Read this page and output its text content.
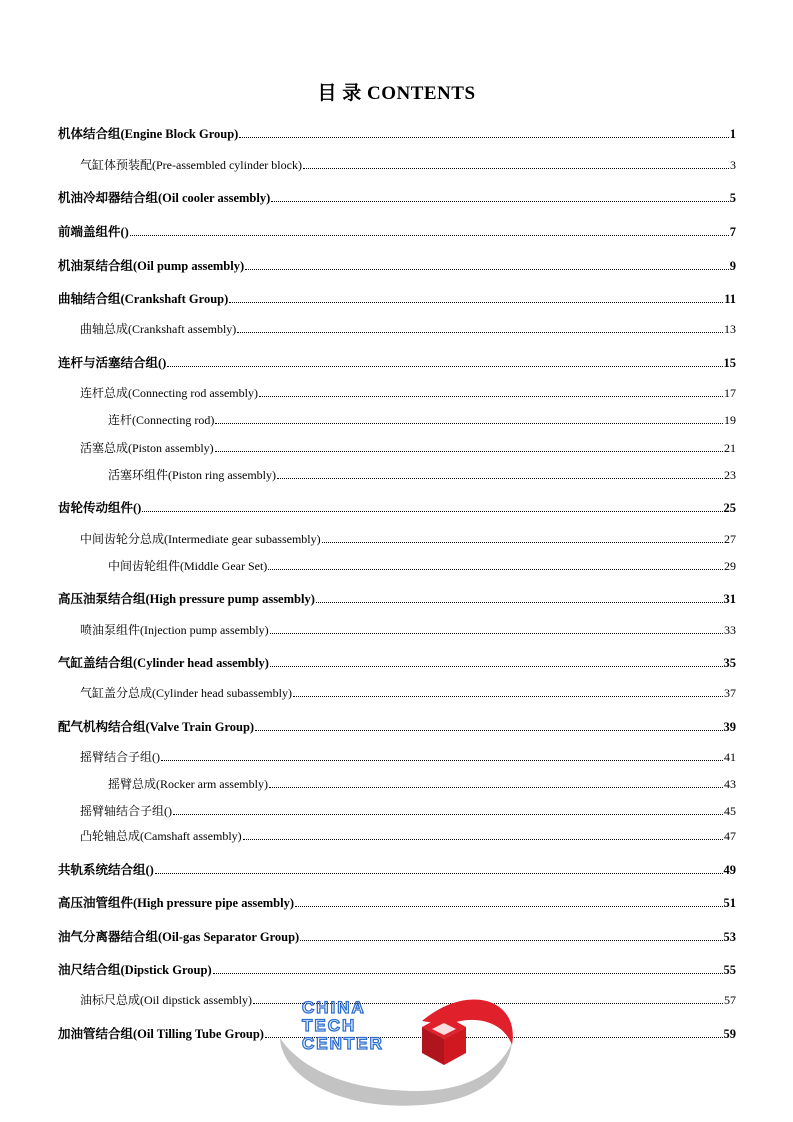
目 录 CONTENTS
机体结合组(Engine Block Group)	1
气缸体预装配(Pre-assembled cylinder block)	3
机油冷却器结合组(Oil cooler assembly)	5
前端盖组件()	7
机油泵结合组(Oil pump assembly)	9
曲轴结合组(Crankshaft Group)	11
曲轴总成(Crankshaft assembly)	13
连杆与活塞结合组()	15
连杆总成(Connecting rod assembly)	17
连杆(Connecting rod)	19
活塞总成(Piston assembly)	21
活塞环组件(Piston ring assembly)	23
齿轮传动组件()	25
中间齿轮分总成(Intermediate gear subassembly)	27
中间齿轮组件(Middle Gear Set)	29
高压油泵结合组(High pressure pump assembly)	31
喷油泵组件(Injection pump assembly)	33
气缸盖结合组(Cylinder head assembly)	35
气缸盖分总成(Cylinder head subassembly)	37
配气机构结合组(Valve Train Group)	39
摇臂结合子组()	41
摇臂总成(Rocker arm assembly)	43
摇臂轴结合子组()	45
凸轮轴总成(Camshaft assembly)	47
共轨系统结合组()	49
高压油管组件(High pressure pipe assembly)	51
油气分离器结合组(Oil-gas Separator Group)	53
油尺结合组(Dipstick Group)	55
油标尺总成(Oil dipstick assembly)	57
加油管结合组(Oil Tilling Tube Group)	59
CHINA
TECH
CENTER
